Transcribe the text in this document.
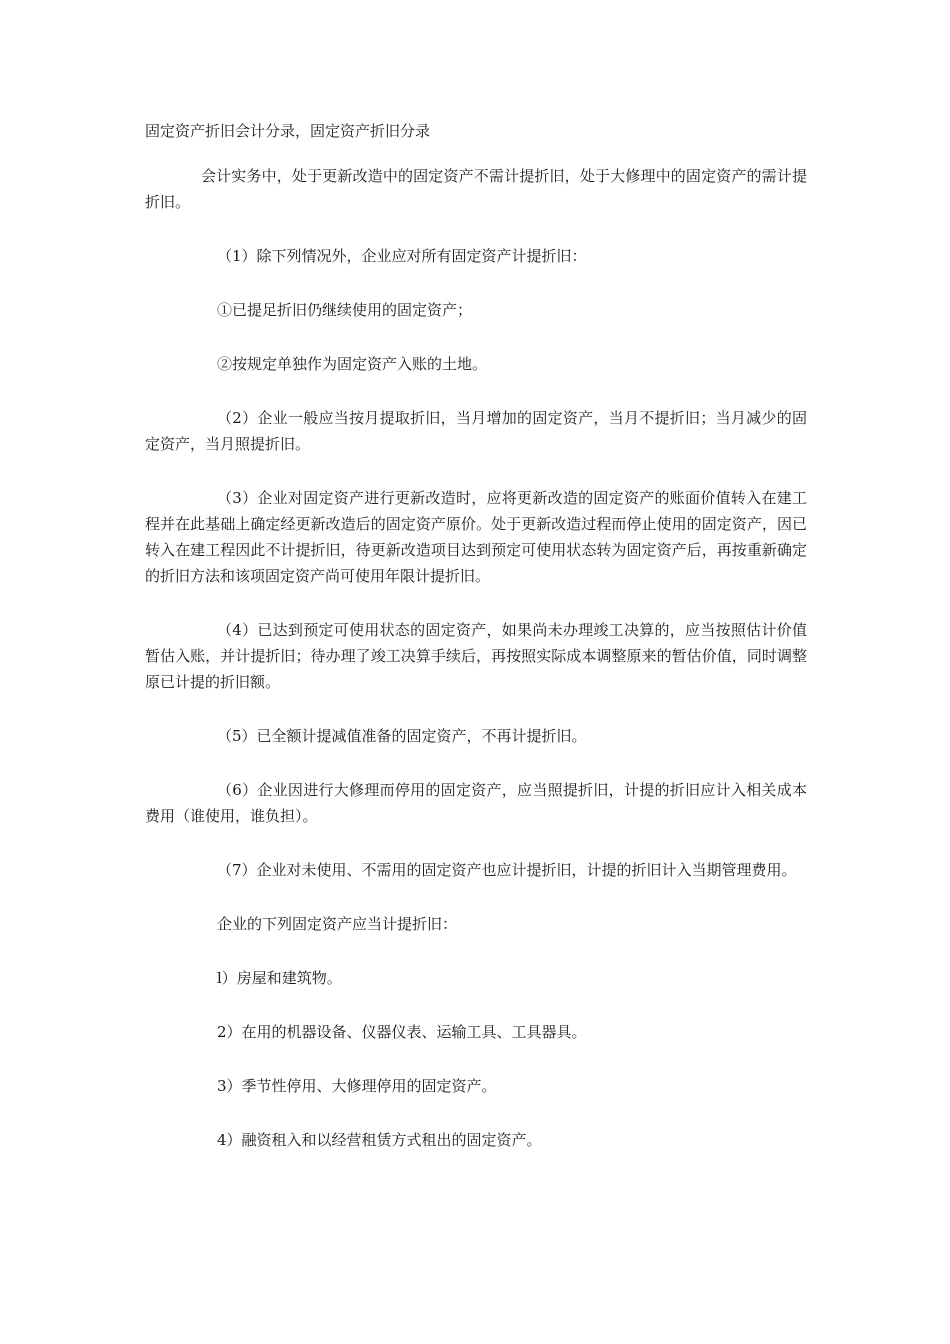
固定资产折旧会计分录，固定资产折旧分录

会计实务中，处于更新改造中的固定资产不需计提折旧，处于大修理中的固定资产的需计提折旧。

（1）除下列情况外，企业应对所有固定资产计提折旧：

①已提足折旧仍继续使用的固定资产；

②按规定单独作为固定资产入账的土地。

（2）企业一般应当按月提取折旧，当月增加的固定资产，当月不提折旧；当月减少的固定资产，当月照提折旧。

（3）企业对固定资产进行更新改造时，应将更新改造的固定资产的账面价值转入在建工程并在此基础上确定经更新改造后的固定资产原价。处于更新改造过程而停止使用的固定资产，因已转入在建工程因此不计提折旧，待更新改造项目达到预定可使用状态转为固定资产后，再按重新确定的折旧方法和该项固定资产尚可使用年限计提折旧。

（4）已达到预定可使用状态的固定资产，如果尚未办理竣工决算的，应当按照估计价值暂估入账，并计提折旧；待办理了竣工决算手续后，再按照实际成本调整原来的暂估价值，同时调整原已计提的折旧额。

（5）已全额计提减值准备的固定资产，不再计提折旧。

（6）企业因进行大修理而停用的固定资产，应当照提折旧，计提的折旧应计入相关成本费用（谁使用，谁负担）。

（7）企业对未使用、不需用的固定资产也应计提折旧，计提的折旧计入当期管理费用。

企业的下列固定资产应当计提折旧：

l）房屋和建筑物。

2）在用的机器设备、仪器仪表、运输工具、工具器具。

3）季节性停用、大修理停用的固定资产。

4）融资租入和以经营租赁方式租出的固定资产。
